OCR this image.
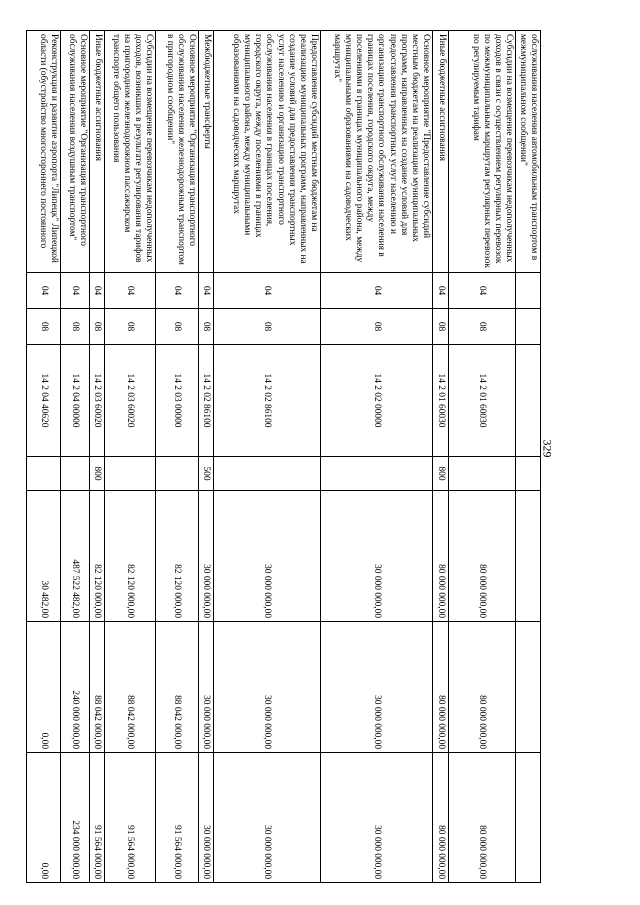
329
обслуживания населения автомобильным транспортом в межмуниципальном сообщении"							
Субсидии на возмещение перевозчикам недополученных доходов в связи с осуществлением регулярных перевозок по межмуниципальным маршрутам регулярных перевозок по регулируемым тарифам	04	08	14 2 01 60030		80 000 000,00	80 000 000,00	80 000 000,00
Иные бюджетные ассигнования	04	08	14 2 01 60030	800	80 000 000,00	80 000 000,00	80 000 000,00
Основное мероприятие "Предоставление субсидий местным бюджетам на реализацию муниципальных программ, направленных на создание условий для предоставления транспортных услуг населению и организацию транспортного обслуживания населения в границах поселения, городского округа, между поселениями в границах муниципального района, между муниципальными образованиями на садоводческих маршрутах"	04	08	14 2 02 00000		30 000 000,00	30 000 000,00	30 000 000,00
Предоставление субсидий местным бюджетам на реализацию муниципальных программ, направленных на создание условий для предоставления транспортных услуг населению и организацию транспортного обслуживания населения в границах поселения, городского округа, между поселениями в границах муниципального района, между муниципальными образованиями на садоводческих маршрутах	04	08	14 2 02 86100		30 000 000,00	30 000 000,00	30 000 000,00
Межбюджетные трансферты	04	08	14 2 02 86100	500	30 000 000,00	30 000 000,00	30 000 000,00
Основное мероприятие "Организация транспортного обслуживания населения железнодорожным транспортом в пригородном сообщении"	04	08	14 2 03 00000		82 120 000,00	88 042 000,00	91 564 000,00
Субсидии на возмещение перевозчикам недополученных доходов, возникших в результате регулирования тарифов на пригородном железнодорожном пассажирском транспорте общего пользования	04	08	14 2 03 60020		82 120 000,00	88 042 000,00	91 564 000,00
Иные бюджетные ассигнования	04	08	14 2 03 60020	800	82 120 000,00	88 042 000,00	91 564 000,00
Основное мероприятие "Организация транспортного обслуживания населения воздушным транспортом"	04	08	14 2 04 00000		487 522 482,00	240 000 000,00	234 000 000,00
Реконструкция и развитие аэропорта "Липецк" Липецкой области (обустройство многостороннего постоянного	04	08	14 2 04 40620		30 482,00	0,00	0,00
